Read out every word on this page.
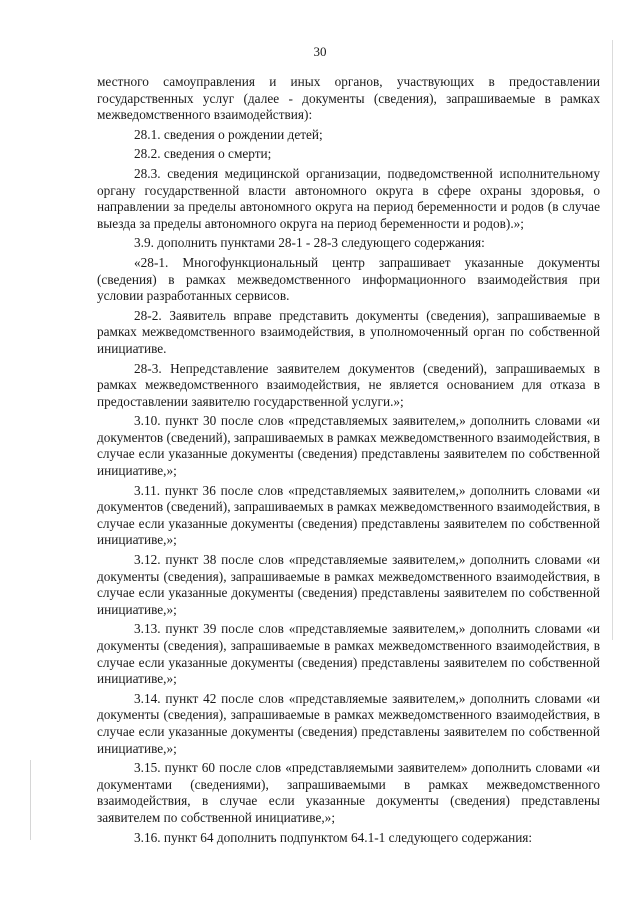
30

местного самоуправления и иных органов, участвующих в предоставлении государственных услуг (далее - документы (сведения), запрашиваемые в рамках межведомственного взаимодействия):

28.1. сведения о рождении детей;

28.2. сведения о смерти;

28.3. сведения медицинской организации, подведомственной исполнительному органу государственной власти автономного округа в сфере охраны здоровья, о направлении за пределы автономного округа на период беременности и родов (в случае выезда за пределы автономного округа на период беременности и родов).»;

3.9. дополнить пунктами 28-1 - 28-3 следующего содержания:

«28-1. Многофункциональный центр запрашивает указанные документы (сведения) в рамках межведомственного информационного взаимодействия при условии разработанных сервисов.

28-2. Заявитель вправе представить документы (сведения), запрашиваемые в рамках межведомственного взаимодействия, в уполномоченный орган по собственной инициативе.

28-3. Непредставление заявителем документов (сведений), запрашиваемых в рамках межведомственного взаимодействия, не является основанием для отказа в предоставлении заявителю государственной услуги.»;

3.10. пункт 30 после слов «представляемых заявителем,» дополнить словами «и документов (сведений), запрашиваемых в рамках межведомственного взаимодействия, в случае если указанные документы (сведения) представлены заявителем по собственной инициативе,»;

3.11. пункт 36 после слов «представляемых заявителем,» дополнить словами «и документов (сведений), запрашиваемых в рамках межведомственного взаимодействия, в случае если указанные документы (сведения) представлены заявителем по собственной инициативе,»;

3.12. пункт 38 после слов «представляемые заявителем,» дополнить словами «и документы (сведения), запрашиваемые в рамках межведомственного взаимодействия, в случае если указанные документы (сведения) представлены заявителем по собственной инициативе,»;

3.13. пункт 39 после слов «представляемые заявителем,» дополнить словами «и документы (сведения), запрашиваемые в рамках межведомственного взаимодействия, в случае если указанные документы (сведения) представлены заявителем по собственной инициативе,»;

3.14. пункт 42 после слов «представляемые заявителем,» дополнить словами «и документы (сведения), запрашиваемые в рамках межведомственного взаимодействия, в случае если указанные документы (сведения) представлены заявителем по собственной инициативе,»;

3.15. пункт 60 после слов «представляемыми заявителем» дополнить словами «и документами (сведениями), запрашиваемыми в рамках межведомственного взаимодействия, в случае если указанные документы (сведения) представлены заявителем по собственной инициативе,»;

3.16. пункт 64 дополнить подпунктом 64.1-1 следующего содержания:
